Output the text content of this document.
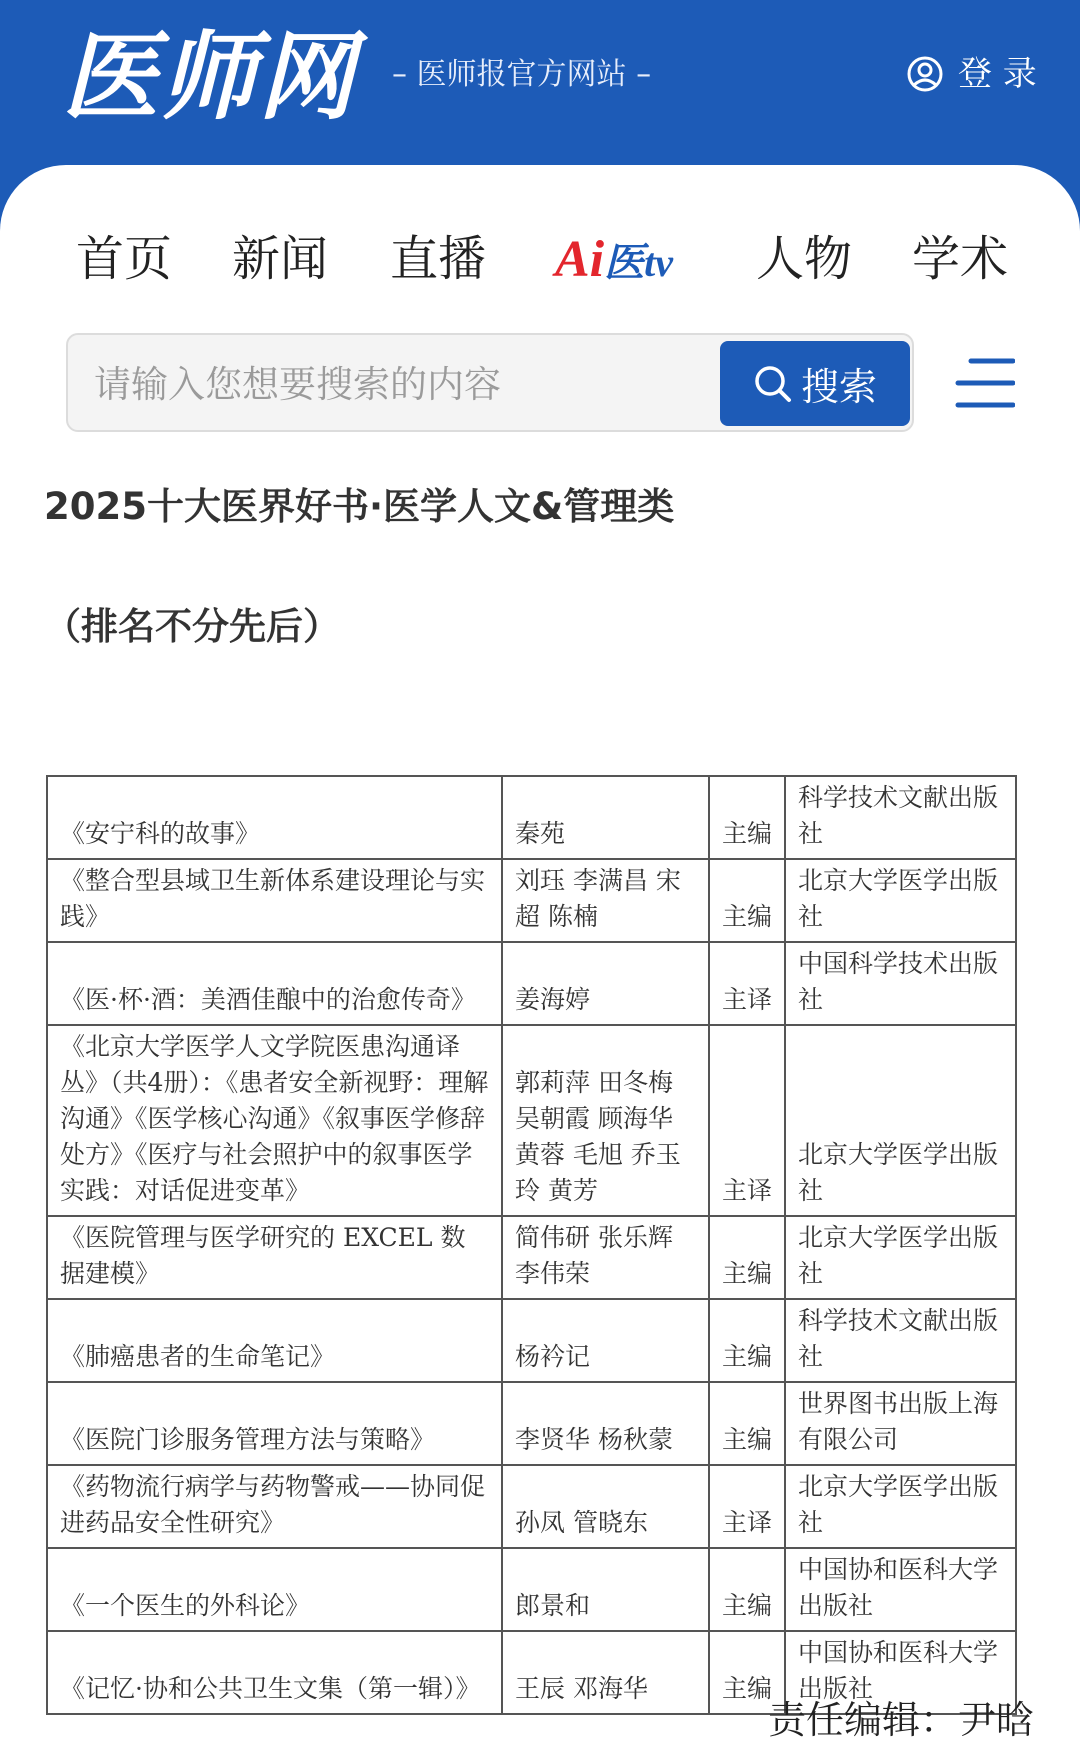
医师网 – 医师报官方网站 –	登 录
首页 新闻 直播 Ai医tv 人物 学术
请输入您想要搜索的内容
搜索
2025十大医界好书·医学人文&管理类
（排名不分先后）
《安宁科的故事》	秦苑	主编	科学技术文献出版社
《整合型县域卫生新体系建设理论与实践》	刘珏 李满昌 宋超 陈楠	主编	北京大学医学出版社
《医·杯·酒：美酒佳酿中的治愈传奇》	姜海婷	主译	中国科学技术出版社
《北京大学医学人文学院医患沟通译丛》（共4册）：《患者安全新视野：理解沟通》《医学核心沟通》《叙事医学修辞处方》《医疗与社会照护中的叙事医学实践：对话促进变革》	郭莉萍 田冬梅 吴朝霞 顾海华 黄蓉 毛旭 乔玉玲 黄芳	主译	北京大学医学出版社
《医院管理与医学研究的 EXCEL 数据建模》	简伟研 张乐辉 李伟荣	主编	北京大学医学出版社
《肺癌患者的生命笔记》	杨衿记	主编	科学技术文献出版社
《医院门诊服务管理方法与策略》	李贤华 杨秋蒙	主编	世界图书出版上海有限公司
《药物流行病学与药物警戒——协同促进药品安全性研究》	孙凤 管晓东	主译	北京大学医学出版社
《一个医生的外科论》	郎景和	主编	中国协和医科大学出版社
《记忆·协和公共卫生文集（第一辑）》	王辰 邓海华	主编	中国协和医科大学出版社
责任编辑：尹晗
